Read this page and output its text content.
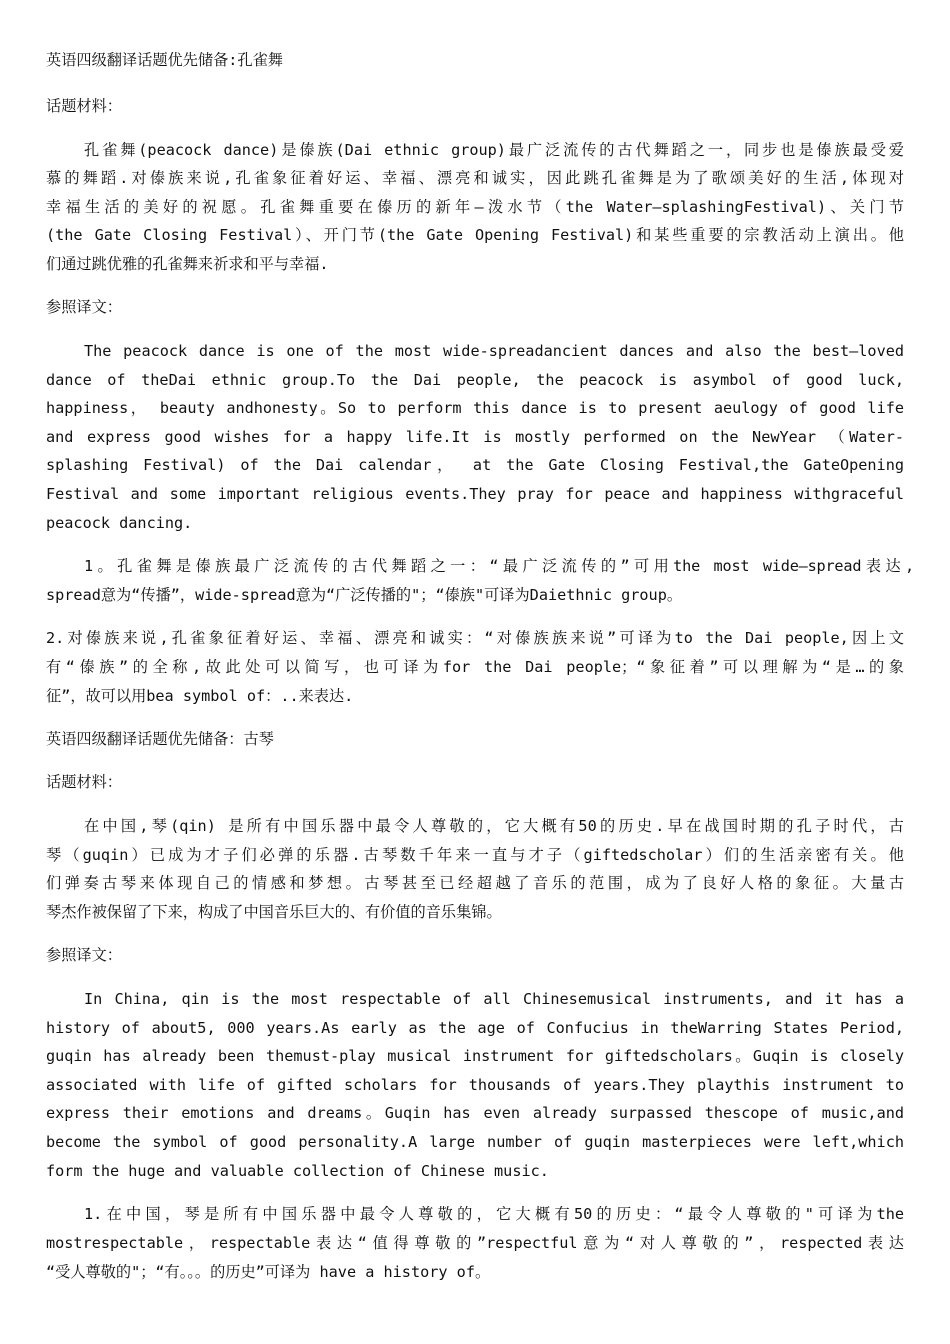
英语四级翻译话题优先储备:孔雀舞
话题材料：
孔雀舞(peacock dance)是傣族(Dai ethnic group)最广泛流传的古代舞蹈之一，同步也是傣族最受爱
慕的舞蹈.对傣族来说,孔雀象征着好运、幸福、漂亮和诚实，因此跳孔雀舞是为了歌颂美好的生活,体现对
幸福生活的美好的祝愿。孔雀舞重要在傣历的新年—泼水节（the Water—splashingFestival)、关门节
(the Gate Closing Festival）、开门节(the Gate Opening Festival)和某些重要的宗教活动上演出。他
们通过跳优雅的孔雀舞来祈求和平与幸福.
参照译文：
The peacock dance is one of the most wide-spreadancient dances and also the best—loved
dance of theDai ethnic group.To the Dai people, the peacock is asymbol of good luck,
happiness， beauty andhonesty。So to perform this dance is to present aeulogy of good life
and express good wishes for a happy life.It is mostly performed on the NewYear （Water-
splashing Festival) of the Dai calendar， at the Gate Closing Festival,the GateOpening
Festival and some important religious events.They pray for peace and happiness withgraceful
peacock dancing.
1。孔雀舞是傣族最广泛流传的古代舞蹈之一：“最广泛流传的”可用the most wide—spread表达,
spread意为“传播”，wide-spread意为“广泛传播的"；“傣族"可译为Daiethnic group。
2.对傣族来说,孔雀象征着好运、幸福、漂亮和诚实：“对傣族族来说”可译为to the Dai people,因上文
有“傣族”的全称,故此处可以简写，也可译为for the Dai people；“象征着”可以理解为“是…的象
征”，故可以用bea symbol of：..来表达.
英语四级翻译话题优先储备：古琴
话题材料：
在中国,琴(qin) 是所有中国乐器中最令人尊敬的，它大概有50的历史.早在战国时期的孔子时代，古
琴（guqin）已成为才子们必弹的乐器.古琴数千年来一直与才子（giftedscholar）们的生活亲密有关。他
们弹奏古琴来体现自己的情感和梦想。古琴甚至已经超越了音乐的范围，成为了良好人格的象征。大量古
琴杰作被保留了下来，构成了中国音乐巨大的、有价值的音乐集锦。
参照译文：
In China, qin is the most respectable of all Chinesemusical instruments, and it has a
history of about5, 000 years.As early as the age of Confucius in theWarring States Period,
guqin has already been themust-play musical instrument for giftedscholars。Guqin is closely
associated with life of gifted scholars for thousands of years.They playthis instrument to
express their emotions and dreams。Guqin has even already surpassed thescope of music,and
become the symbol of good personality.A large number of guqin masterpieces were left,which
form the huge and valuable collection of Chinese music.
1.在中国，琴是所有中国乐器中最令人尊敬的，它大概有50的历史：“最令人尊敬的"可译为the
mostrespectable，respectable表达“值得尊敬的”respectful意为“对人尊敬的”，respected表达
“受人尊敬的"；“有。。。的历史”可译为 have a history of。
